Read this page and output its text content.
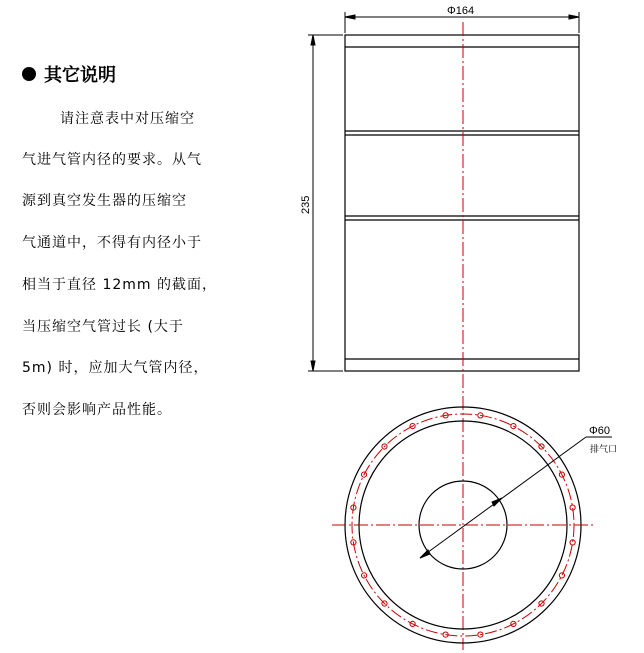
其它说明
请注意表中对压缩空
气进气管内径的要求。从气
源到真空发生器的压缩空
气通道中，不得有内径小于
相当于直径 12mm 的截面，
当压缩空气管过长 (大于
5m) 时，应加大气管内径，
否则会影响产品性能。
Φ164
235
Φ60
排气口
